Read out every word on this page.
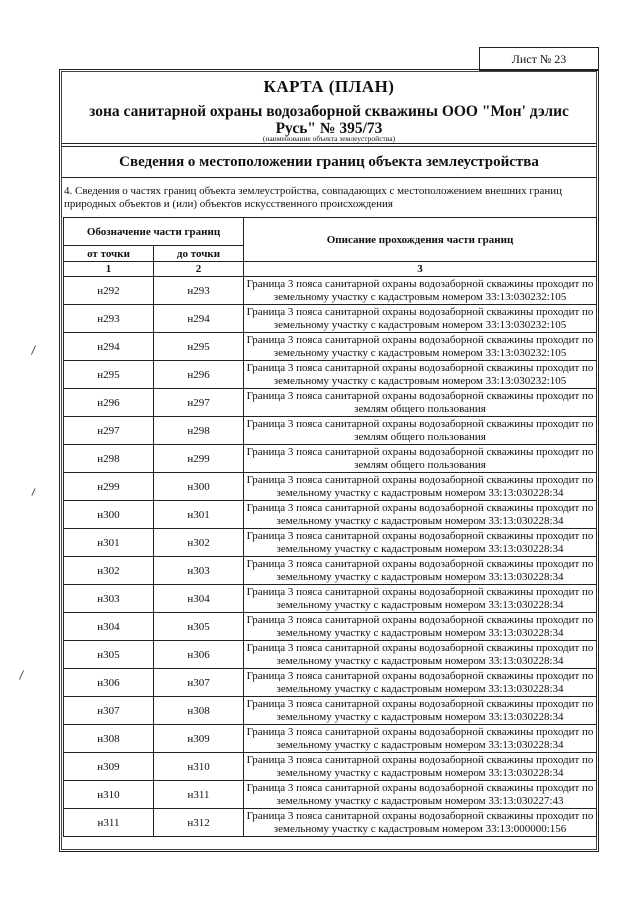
Лист № 23
КАРТА (ПЛАН)
зона санитарной охраны водозаборной скважины ООО "Мон' дэлис Русь" № 395/73
(наименование объекта землеустройства)
Сведения о местоположении границ объекта землеустройства
4. Сведения о частях границ объекта землеустройства, совпадающих с местоположением внешних границ природных объектов и (или) объектов искусственного происхождения
Обозначение части границ		Описание прохождения части границ
от точки	до точки	
1	2	3
н292	н293	Граница 3 пояса санитарной охраны водозаборной скважины проходит по земельному участку с кадастровым номером 33:13:030232:105
н293	н294	Граница 3 пояса санитарной охраны водозаборной скважины проходит по земельному участку с кадастровым номером 33:13:030232:105
н294	н295	Граница 3 пояса санитарной охраны водозаборной скважины проходит по земельному участку с кадастровым номером 33:13:030232:105
н295	н296	Граница 3 пояса санитарной охраны водозаборной скважины проходит по земельному участку с кадастровым номером 33:13:030232:105
н296	н297	Граница 3 пояса санитарной охраны водозаборной скважины проходит по землям общего пользования
н297	н298	Граница 3 пояса санитарной охраны водозаборной скважины проходит по землям общего пользования
н298	н299	Граница 3 пояса санитарной охраны водозаборной скважины проходит по землям общего пользования
н299	н300	Граница 3 пояса санитарной охраны водозаборной скважины проходит по земельному участку с кадастровым номером 33:13:030228:34
н300	н301	Граница 3 пояса санитарной охраны водозаборной скважины проходит по земельному участку с кадастровым номером 33:13:030228:34
н301	н302	Граница 3 пояса санитарной охраны водозаборной скважины проходит по земельному участку с кадастровым номером 33:13:030228:34
н302	н303	Граница 3 пояса санитарной охраны водозаборной скважины проходит по земельному участку с кадастровым номером 33:13:030228:34
н303	н304	Граница 3 пояса санитарной охраны водозаборной скважины проходит по земельному участку с кадастровым номером 33:13:030228:34
н304	н305	Граница 3 пояса санитарной охраны водозаборной скважины проходит по земельному участку с кадастровым номером 33:13:030228:34
н305	н306	Граница 3 пояса санитарной охраны водозаборной скважины проходит по земельному участку с кадастровым номером 33:13:030228:34
н306	н307	Граница 3 пояса санитарной охраны водозаборной скважины проходит по земельному участку с кадастровым номером 33:13:030228:34
н307	н308	Граница 3 пояса санитарной охраны водозаборной скважины проходит по земельному участку с кадастровым номером 33:13:030228:34
н308	н309	Граница 3 пояса санитарной охраны водозаборной скважины проходит по земельному участку с кадастровым номером 33:13:030228:34
н309	н310	Граница 3 пояса санитарной охраны водозаборной скважины проходит по земельному участку с кадастровым номером 33:13:030228:34
н310	н311	Граница 3 пояса санитарной охраны водозаборной скважины проходит по земельному участку с кадастровым номером 33:13:030227:43
н311	н312	Граница 3 пояса санитарной охраны водозаборной скважины проходит по земельному участку с кадастровым номером 33:13:000000:156
